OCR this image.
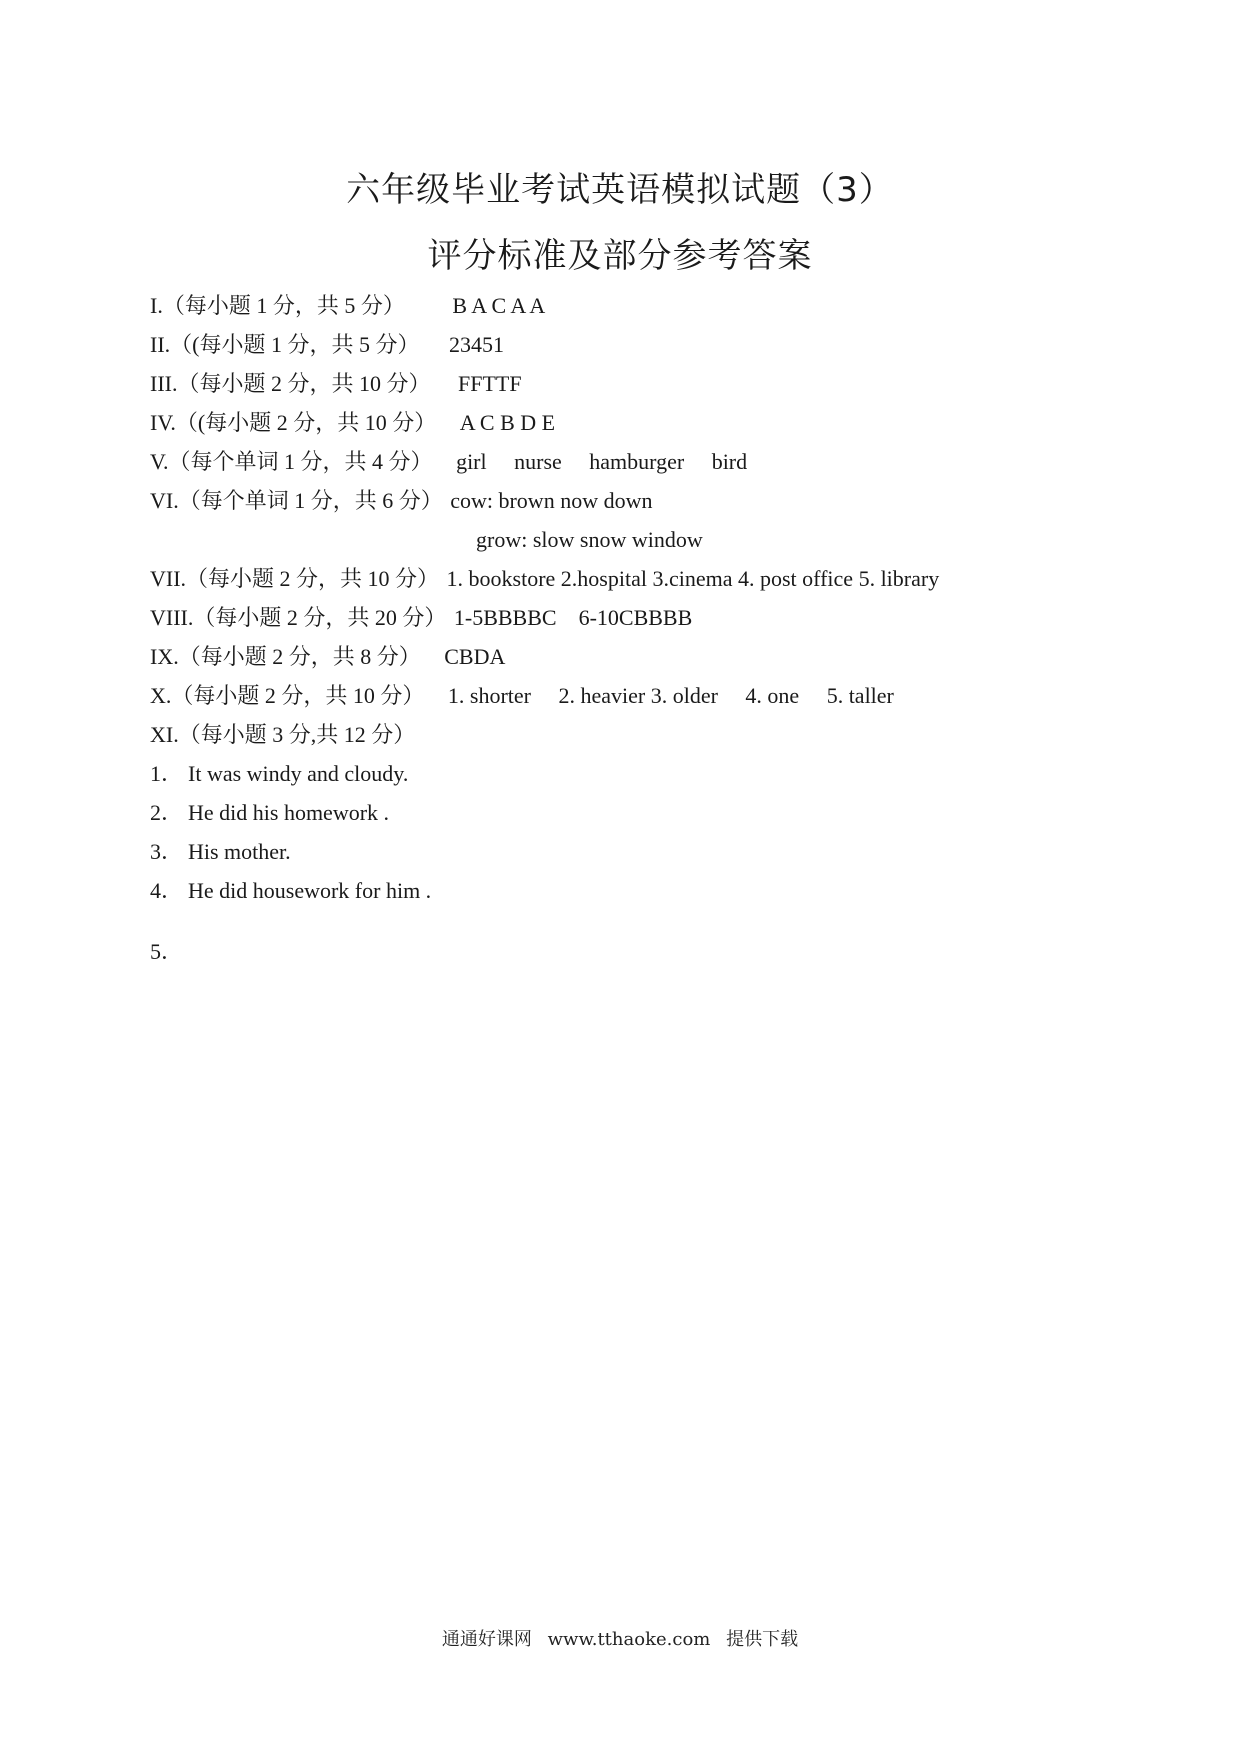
六年级毕业考试英语模拟试题（3）
评分标准及部分参考答案
I.（每小题 1 分，共 5 分） B A C A A
II.（(每小题 1 分，共 5 分） 23451
III.（每小题 2 分，共 10 分） FFTTF
IV.（(每小题 2 分，共 10 分） A C B D E
V.（每个单词 1 分，共 4 分） girl nurse hamburger bird
VI.（每个单词 1 分，共 6 分） cow: brown now down
grow: slow snow window
VII.（每小题 2 分，共 10 分） 1. bookstore 2.hospital 3.cinema 4. post office 5. library
VIII.（每小题 2 分，共 20 分） 1-5BBBBC    6-10CBBBB
IX.（每小题 2 分，共 8 分） CBDA
X.（每小题 2 分，共 10 分） 1. shorter 2. heavier 3. older 4. one 5. taller
XI.（每小题 3 分,共 12 分）
1． It was windy and cloudy.
2． He did his homework .
3． His mother.
4． He did housework for him .
5．
通通好课网 www.tthaoke.com 提供下载
